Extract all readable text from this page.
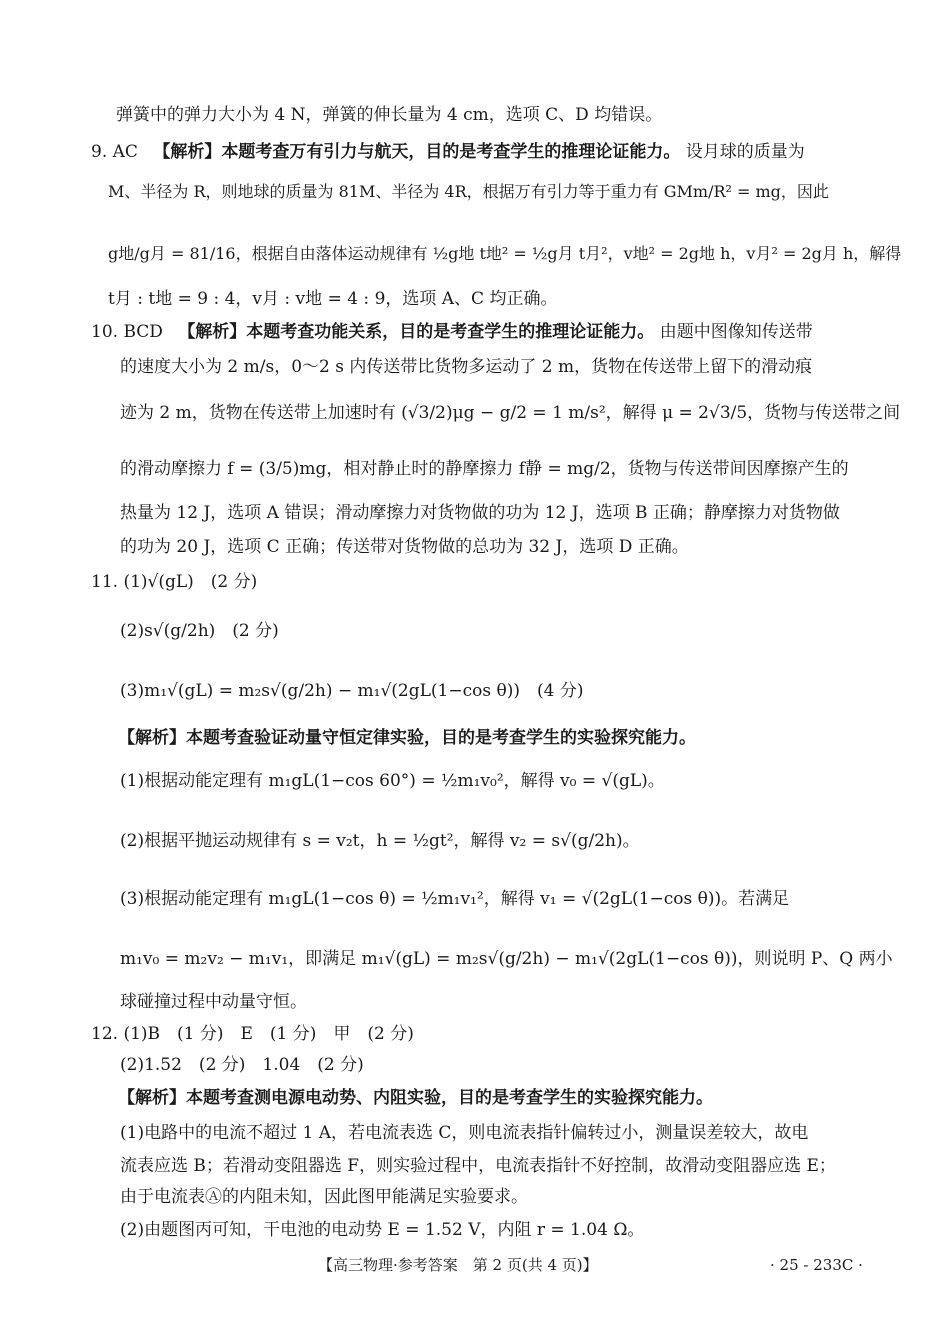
弹簧中的弹力大小为 4 N，弹簧的伸长量为 4 cm，选项 C、D 均错误。
9. AC 【解析】本题考查万有引力与航天，目的是考查学生的推理论证能力。 设月球的质量为
M、半径为 R，则地球的质量为 81M、半径为 4R，根据万有引力等于重力有 GMm/R² = mg，因此
g地/g月 = 81/16，根据自由落体运动规律有 ½g地 t地² = ½g月 t月²，v地² = 2g地 h，v月² = 2g月 h，解得
t月 : t地 = 9 : 4，v月 : v地 = 4 : 9，选项 A、C 均正确。
10. BCD 【解析】本题考查功能关系，目的是考查学生的推理论证能力。 由题中图像知传送带
的速度大小为 2 m/s，0～2 s 内传送带比货物多运动了 2 m，货物在传送带上留下的滑动痕
迹为 2 m，货物在传送带上加速时有 (√3/2)μg − g/2 = 1 m/s²，解得 μ = 2√3/5，货物与传送带之间
的滑动摩擦力 f = (3/5)mg，相对静止时的静摩擦力 f静 = mg/2，货物与传送带间因摩擦产生的
热量为 12 J，选项 A 错误；滑动摩擦力对货物做的功为 12 J，选项 B 正确；静摩擦力对货物做
的功为 20 J，选项 C 正确；传送带对货物做的总功为 32 J，选项 D 正确。
11. (1)√(gL)　(2 分)
(2)s√(g/2h)　(2 分)
(3)m₁√(gL) = m₂s√(g/2h) − m₁√(2gL(1−cos θ))　(4 分)
【解析】本题考查验证动量守恒定律实验，目的是考查学生的实验探究能力。
(1)根据动能定理有 m₁gL(1−cos 60°) = ½m₁v₀²，解得 v₀ = √(gL)。
(2)根据平抛运动规律有 s = v₂t，h = ½gt²，解得 v₂ = s√(g/2h)。
(3)根据动能定理有 m₁gL(1−cos θ) = ½m₁v₁²，解得 v₁ = √(2gL(1−cos θ))。若满足
m₁v₀ = m₂v₂ − m₁v₁，即满足 m₁√(gL) = m₂s√(g/2h) − m₁√(2gL(1−cos θ))，则说明 P、Q 两小
球碰撞过程中动量守恒。
12. (1)B　(1 分)　E　(1 分)　甲　(2 分)
(2)1.52　(2 分)　1.04　(2 分)
【解析】本题考查测电源电动势、内阻实验，目的是考查学生的实验探究能力。
(1)电路中的电流不超过 1 A，若电流表选 C，则电流表指针偏转过小，测量误差较大，故电
流表应选 B；若滑动变阻器选 F，则实验过程中，电流表指针不好控制，故滑动变阻器应选 E；
由于电流表Ⓐ的内阻未知，因此图甲能满足实验要求。
(2)由题图丙可知，干电池的电动势 E = 1.52 V，内阻 r = 1.04 Ω。
【高三物理·参考答案　第 2 页(共 4 页)】	· 25 - 233C ·
